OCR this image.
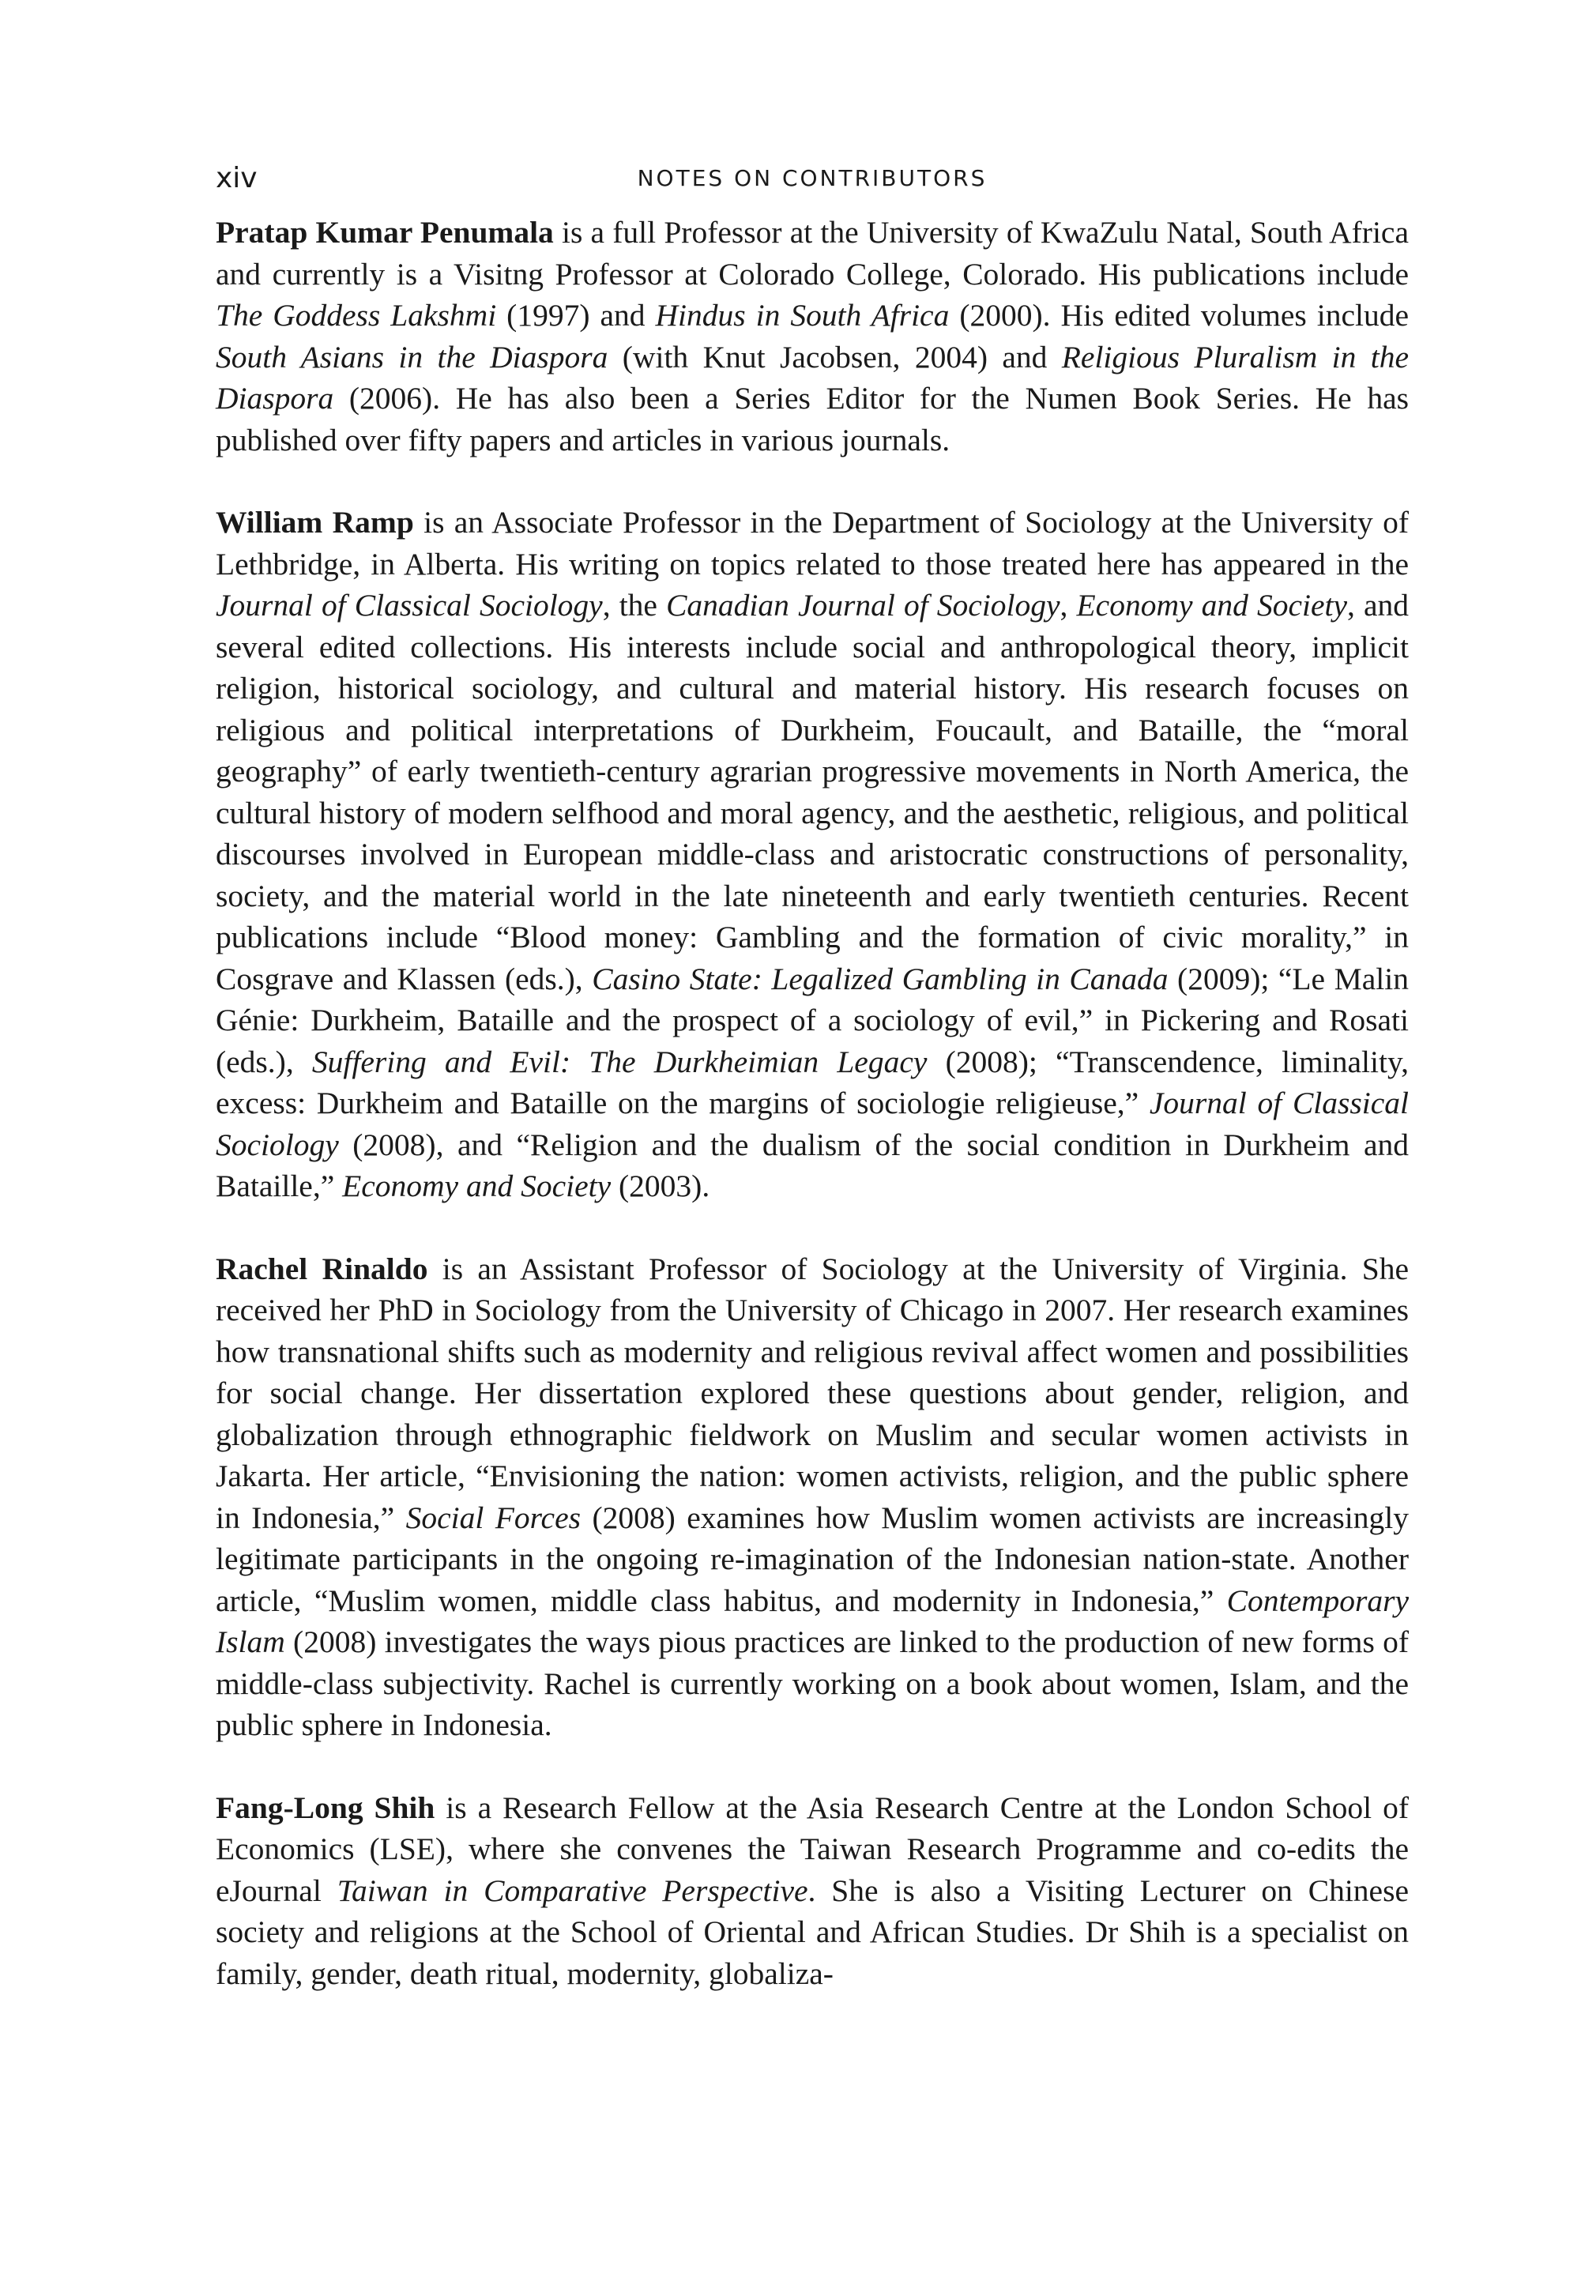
xiv	NOTES ON CONTRIBUTORS

Pratap Kumar Penumala is a full Professor at the University of KwaZulu Natal, South Africa and currently is a Visitng Professor at Colorado College, Colorado. His publications include The Goddess Lakshmi (1997) and Hindus in South Africa (2000). His edited volumes include South Asians in the Diaspora (with Knut Jacobsen, 2004) and Religious Pluralism in the Diaspora (2006). He has also been a Series Editor for the Numen Book Series. He has published over fifty papers and articles in various journals.

William Ramp is an Associate Professor in the Department of Sociology at the University of Lethbridge, in Alberta. His writing on topics related to those treated here has appeared in the Journal of Classical Sociology, the Canadian Journal of Sociology, Economy and Society, and several edited collections. His interests include social and anthropological theory, implicit religion, historical sociology, and cultural and material history. His research focuses on religious and political interpretations of Durkheim, Foucault, and Bataille, the “moral geography” of early twentieth-century agrarian progressive movements in North America, the cultural history of modern selfhood and moral agency, and the aesthetic, religious, and political discourses involved in European middle-class and aristocratic constructions of personality, society, and the material world in the late nineteenth and early twentieth centuries. Recent publications include “Blood money: Gambling and the formation of civic morality,” in Cosgrave and Klassen (eds.), Casino State: Legalized Gambling in Canada (2009); “Le Malin Génie: Durkheim, Bataille and the prospect of a sociology of evil,” in Pickering and Rosati (eds.), Suffering and Evil: The Durkheimian Legacy (2008); “Transcendence, liminality, excess: Durkheim and Bataille on the margins of sociologie religieuse,” Journal of Classical Sociology (2008), and “Religion and the dualism of the social condition in Durkheim and Bataille,” Economy and Society (2003).

Rachel Rinaldo is an Assistant Professor of Sociology at the University of Virginia. She received her PhD in Sociology from the University of Chicago in 2007. Her research examines how transnational shifts such as modernity and religious revival affect women and possibilities for social change. Her dissertation explored these questions about gender, religion, and globalization through ethnographic fieldwork on Muslim and secular women activists in Jakarta. Her article, “Envisioning the nation: women activists, religion, and the public sphere in Indonesia,” Social Forces (2008) examines how Muslim women activists are increasingly legitimate participants in the ongoing re-imagination of the Indonesian nation-state. Another article, “Muslim women, middle class habitus, and modernity in Indonesia,” Contemporary Islam (2008) investigates the ways pious practices are linked to the production of new forms of middle-class subjectivity. Rachel is currently working on a book about women, Islam, and the public sphere in Indonesia.

Fang-Long Shih is a Research Fellow at the Asia Research Centre at the London School of Economics (LSE), where she convenes the Taiwan Research Programme and co-edits the eJournal Taiwan in Comparative Perspective. She is also a Visiting Lecturer on Chinese society and religions at the School of Oriental and African Studies. Dr Shih is a specialist on family, gender, death ritual, modernity, globaliza-
